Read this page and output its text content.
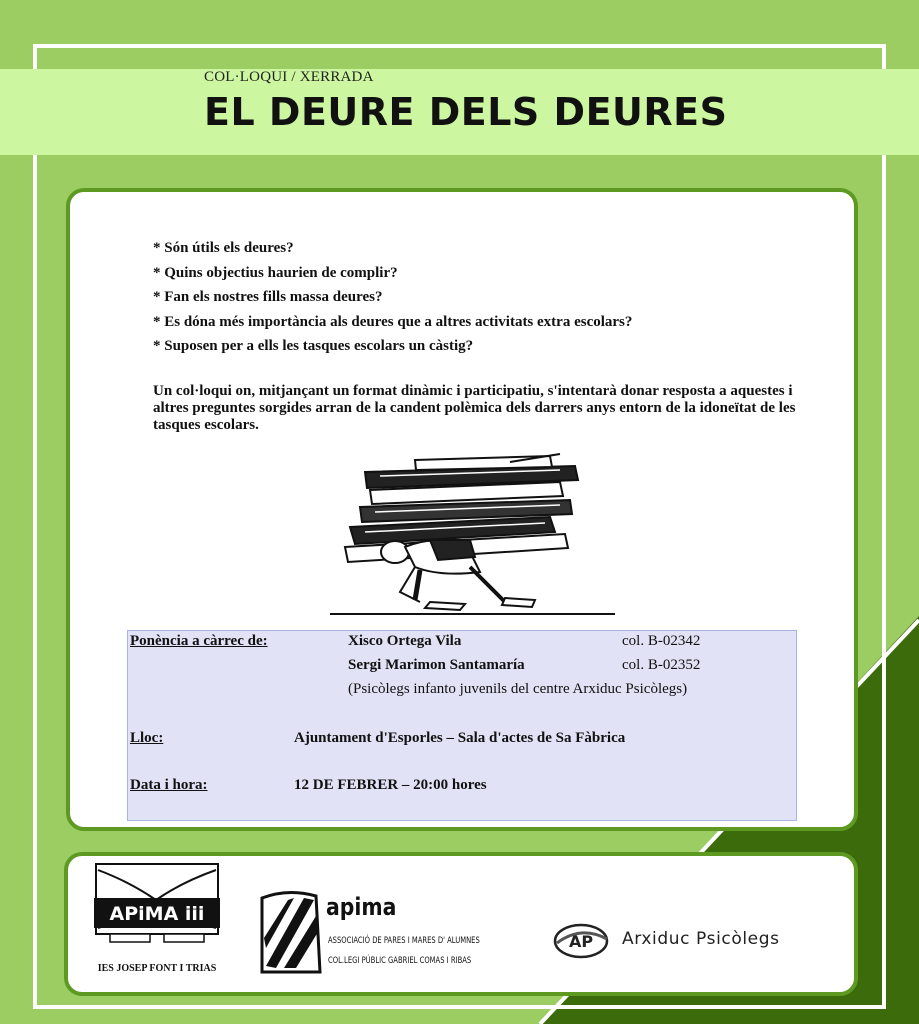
COL·LOQUI / XERRADA
EL DEURE DELS DEURES
* Són útils els deures?
* Quins objectius haurien de complir?
* Fan els nostres fills massa deures?
* Es dóna més importància als deures que a altres activitats extra escolars?
* Suposen per a ells les tasques escolars un càstig?
Un col·loqui on, mitjançant un format dinàmic i participatiu, s'intentarà donar resposta a aquestes i altres preguntes sorgides arran de la candent polèmica dels darrers anys entorn de la idoneïtat de les tasques escolars.
Ponència a càrrec de:	Xisco Ortega Vila	col. B-02342
Sergi Marimon Santamaría	col. B-02352
(Psicòlegs infanto juvenils del centre Arxiduc Psicòlegs)
Lloc:	Ajuntament d'Esporles – Sala d'actes de Sa Fàbrica
Data i hora:	12 DE FEBRER – 20:00 hores
APiMA iii
IES JOSEP FONT I TRIAS
apima
ASSOCIACIÓ DE PARES I MARES D' ALUMNES
COL.LEGI PÚBLIC GABRIEL COMAS I RIBAS
AP Arxiduc Psicòlegs
